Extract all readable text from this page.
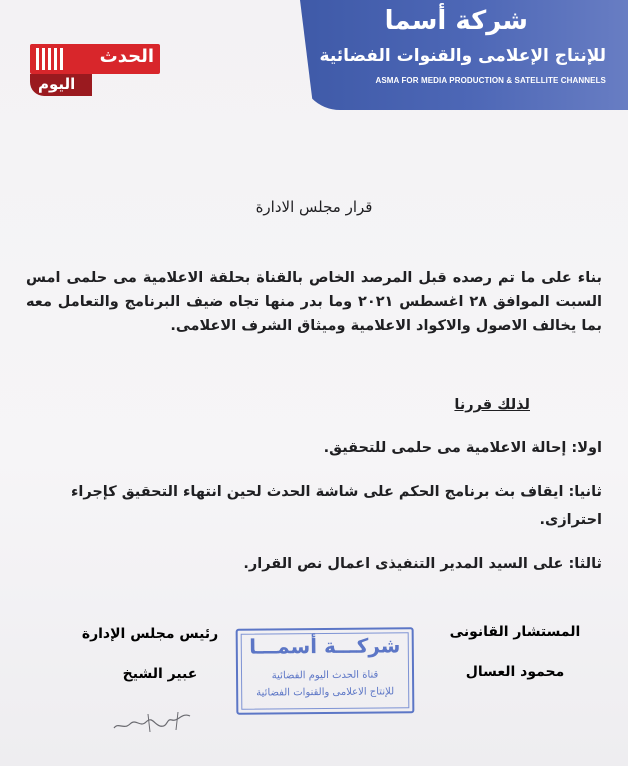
شركة أسما
للإنتاج الإعلامى والقنوات الفضائية
ASMA FOR MEDIA PRODUCTION & SATELLITE CHANNELS
الحدث
اليوم
قرار مجلس الادارة
بناء على ما تم رصده قبل المرصد الخاص بالقناة بحلقة الاعلامية مى حلمى امس السبت الموافق ٢٨ اغسطس ٢٠٢١ وما بدر منها تجاه ضيف البرنامج والتعامل معه بما يخالف الاصول والاكواد الاعلامية وميثاق الشرف الاعلامى.
لذلك قررنا
اولا: إحالة الاعلامية مى حلمى للتحقيق.
ثانيا: ايقاف بث برنامج الحكم على شاشة الحدث لحين انتهاء التحقيق كإجراء احترازى.
ثالثا: على السيد المدير التنفيذى اعمال نص القرار.
المستشار القانونى
محمود العسال
رئيس مجلس الإدارة
عبير الشيخ
شركـــة أسمـــا
قناة الحدث اليوم الفضائية
للإنتاج الاعلامى والقنوات الفضائية
